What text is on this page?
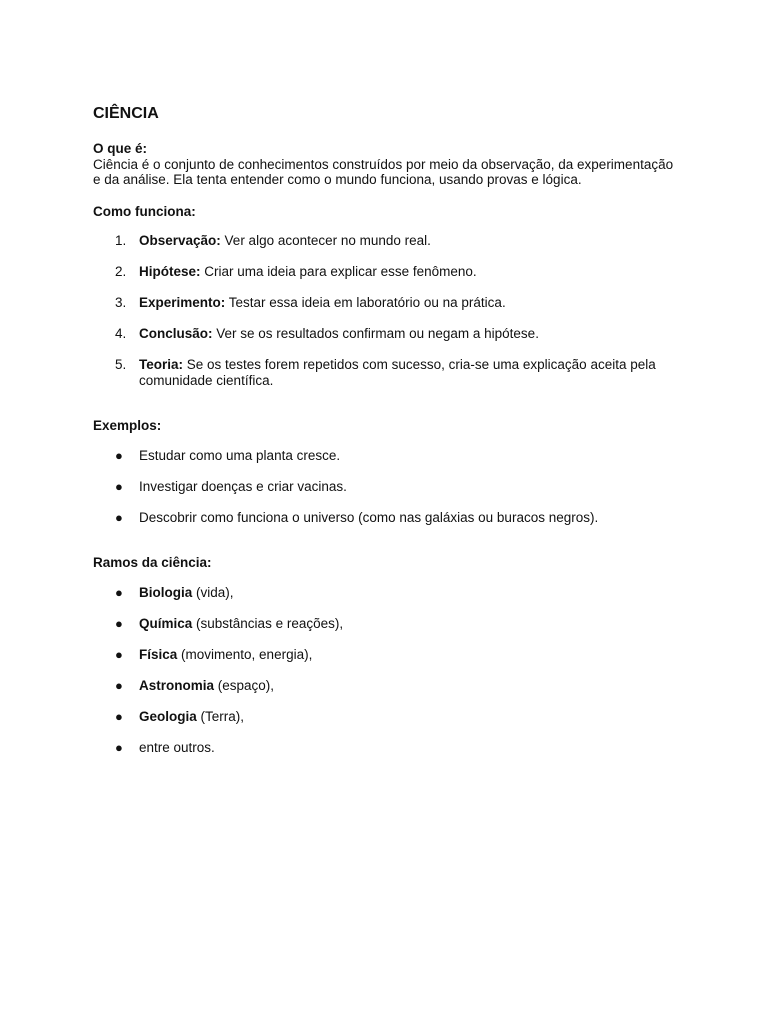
CIÊNCIA
O que é:
Ciência é o conjunto de conhecimentos construídos por meio da observação, da experimentação e da análise. Ela tenta entender como o mundo funciona, usando provas e lógica.
Como funciona:
1. Observação: Ver algo acontecer no mundo real.
2. Hipótese: Criar uma ideia para explicar esse fenômeno.
3. Experimento: Testar essa ideia em laboratório ou na prática.
4. Conclusão: Ver se os resultados confirmam ou negam a hipótese.
5. Teoria: Se os testes forem repetidos com sucesso, cria-se uma explicação aceita pela comunidade científica.
Exemplos:
● Estudar como uma planta cresce.
● Investigar doenças e criar vacinas.
● Descobrir como funciona o universo (como nas galáxias ou buracos negros).
Ramos da ciência:
● Biologia (vida),
● Química (substâncias e reações),
● Física (movimento, energia),
● Astronomia (espaço),
● Geologia (Terra),
● entre outros.
